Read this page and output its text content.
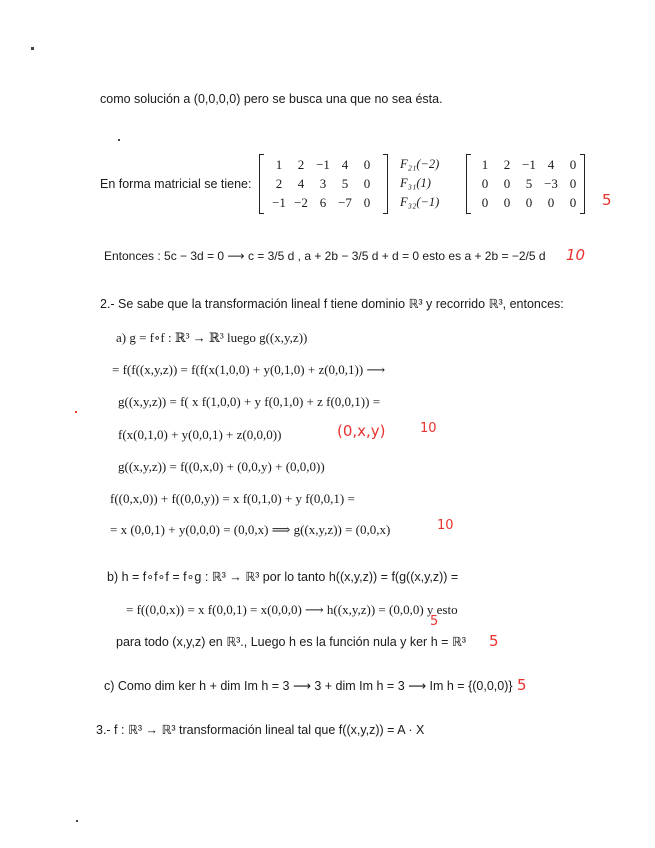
como solución a (0,0,0,0) pero se busca una que no sea ésta.
En forma matricial se tiene:
1	2 −1 4	0
2	4	3	5	0
−1 −2 6 −7 0
F₂₁(−2)
F₃₁(1)
F₃₂(−1)
1	2 −1 4	0
0	0	5 −3 0
0	0	0	0	0	5
Entonces : 5c − 3d = 0 ⟶ c = 3/5 d , a + 2b − 3/5 d + d = 0 esto es a + 2b = −2/5 d 10
2.- Se sabe que la transformación lineal f tiene dominio ℝ³ y recorrido ℝ³, entonces:
a) g = f∘f : ℝ³ → ℝ³ luego g((x,y,z))
= f(f((x,y,z)) = f(f(x(1,0,0) + y(0,1,0) + z(0,0,1)) ⟶
g((x,y,z)) = f( x f(1,0,0) + y f(0,1,0) + z f(0,0,1)) =
f(x(0,1,0) + y(0,0,1) + z(0,0,0))	(0,x,y)	10
g((x,y,z)) = f((0,x,0) + (0,0,y) + (0,0,0))
f((0,x,0)) + f((0,0,y)) = x f(0,1,0) + y f(0,0,1) =
= x (0,0,1) + y(0,0,0) = (0,0,x) ⟹ g((x,y,z)) = (0,0,x)	10
b) h = f∘f∘f = f∘g : ℝ³ → ℝ³ por lo tanto h((x,y,z)) = f(g((x,y,z)) =
= f((0,0,x)) = x f(0,0,1) = x(0,0,0) ⟶ h((x,y,z)) = (0,0,0) y esto
5
para todo (x,y,z) en ℝ³., Luego h es la función nula y ker h = ℝ³ 5
c) Como dim ker h + dim Im h = 3 ⟶ 3 + dim Im h = 3 ⟶ Im h = {(0,0,0)} 5
3.- f : ℝ³ → ℝ³ transformación lineal tal que f((x,y,z)) = A · X
